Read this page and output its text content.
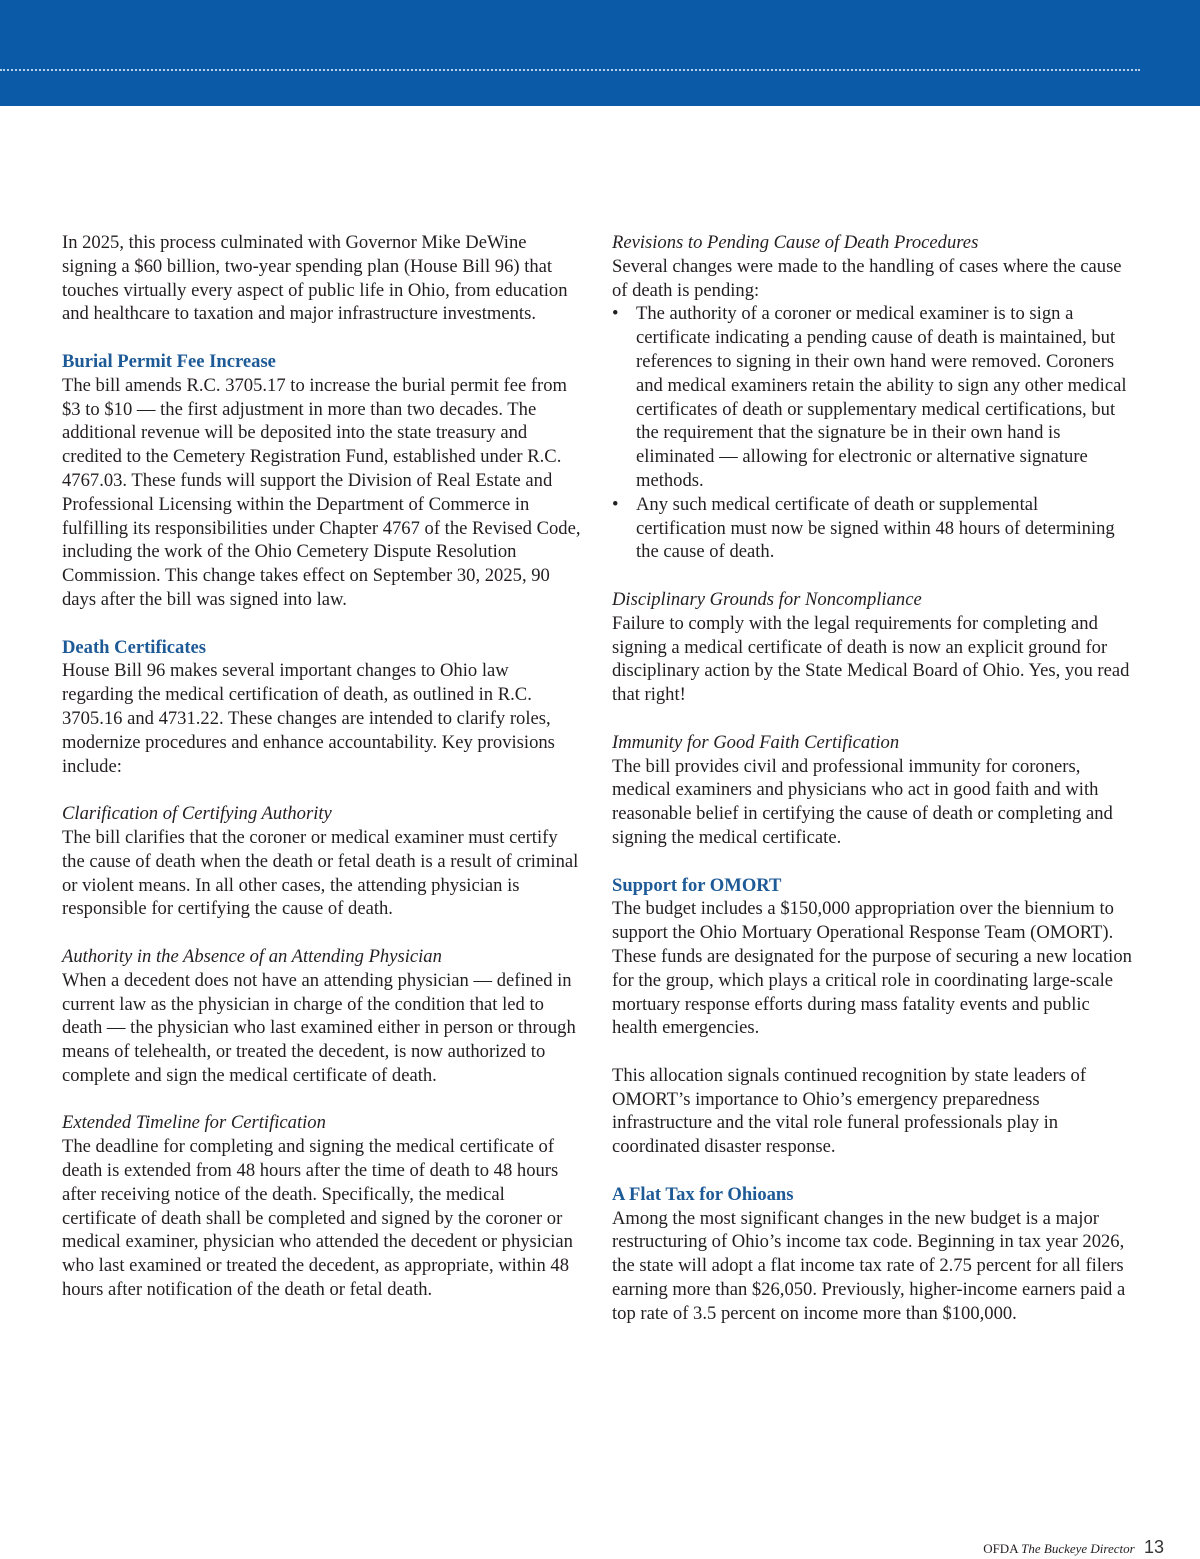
In 2025, this process culminated with Governor Mike DeWine signing a $60 billion, two-year spending plan (House Bill 96) that touches virtually every aspect of public life in Ohio, from education and healthcare to taxation and major infrastructure investments.

Burial Permit Fee Increase

The bill amends R.C. 3705.17 to increase the burial permit fee from $3 to $10 — the first adjustment in more than two decades. The additional revenue will be deposited into the state treasury and credited to the Cemetery Registration Fund, established under R.C. 4767.03. These funds will support the Division of Real Estate and Professional Licensing within the Department of Commerce in fulfilling its responsibilities under Chapter 4767 of the Revised Code, including the work of the Ohio Cemetery Dispute Resolution Commission. This change takes effect on September 30, 2025, 90 days after the bill was signed into law.

Death Certificates

House Bill 96 makes several important changes to Ohio law regarding the medical certification of death, as outlined in R.C. 3705.16 and 4731.22. These changes are intended to clarify roles, modernize procedures and enhance accountability. Key provisions include:

Clarification of Certifying Authority

The bill clarifies that the coroner or medical examiner must certify the cause of death when the death or fetal death is a result of criminal or violent means. In all other cases, the attending physician is responsible for certifying the cause of death.

Authority in the Absence of an Attending Physician

When a decedent does not have an attending physician — defined in current law as the physician in charge of the condition that led to death — the physician who last examined either in person or through means of telehealth, or treated the decedent, is now authorized to complete and sign the medical certificate of death.

Extended Timeline for Certification

The deadline for completing and signing the medical certificate of death is extended from 48 hours after the time of death to 48 hours after receiving notice of the death. Specifically, the medical certificate of death shall be completed and signed by the coroner or medical examiner, physician who attended the decedent or physician who last examined or treated the decedent, as appropriate, within 48 hours after notification of the death or fetal death.

Revisions to Pending Cause of Death Procedures

Several changes were made to the handling of cases where the cause of death is pending:

• The authority of a coroner or medical examiner is to sign a certificate indicating a pending cause of death is maintained, but references to signing in their own hand were removed. Coroners and medical examiners retain the ability to sign any other medical certificates of death or supplementary medical certifications, but the requirement that the signature be in their own hand is eliminated — allowing for electronic or alternative signature methods.
• Any such medical certificate of death or supplemental certification must now be signed within 48 hours of determining the cause of death.
Disciplinary Grounds for Noncompliance

Failure to comply with the legal requirements for completing and signing a medical certificate of death is now an explicit ground for disciplinary action by the State Medical Board of Ohio. Yes, you read that right!

Immunity for Good Faith Certification

The bill provides civil and professional immunity for coroners, medical examiners and physicians who act in good faith and with reasonable belief in certifying the cause of death or completing and signing the medical certificate.

Support for OMORT

The budget includes a $150,000 appropriation over the biennium to support the Ohio Mortuary Operational Response Team (OMORT). These funds are designated for the purpose of securing a new location for the group, which plays a critical role in coordinating large-scale mortuary response efforts during mass fatality events and public health emergencies.

This allocation signals continued recognition by state leaders of OMORT’s importance to Ohio’s emergency preparedness infrastructure and the vital role funeral professionals play in coordinated disaster response.

A Flat Tax for Ohioans

Among the most significant changes in the new budget is a major restructuring of Ohio’s income tax code. Beginning in tax year 2026, the state will adopt a flat income tax rate of 2.75 percent for all filers earning more than $26,050. Previously, higher-income earners paid a top rate of 3.5 percent on income more than $100,000.

OFDA The Buckeye Director 13
